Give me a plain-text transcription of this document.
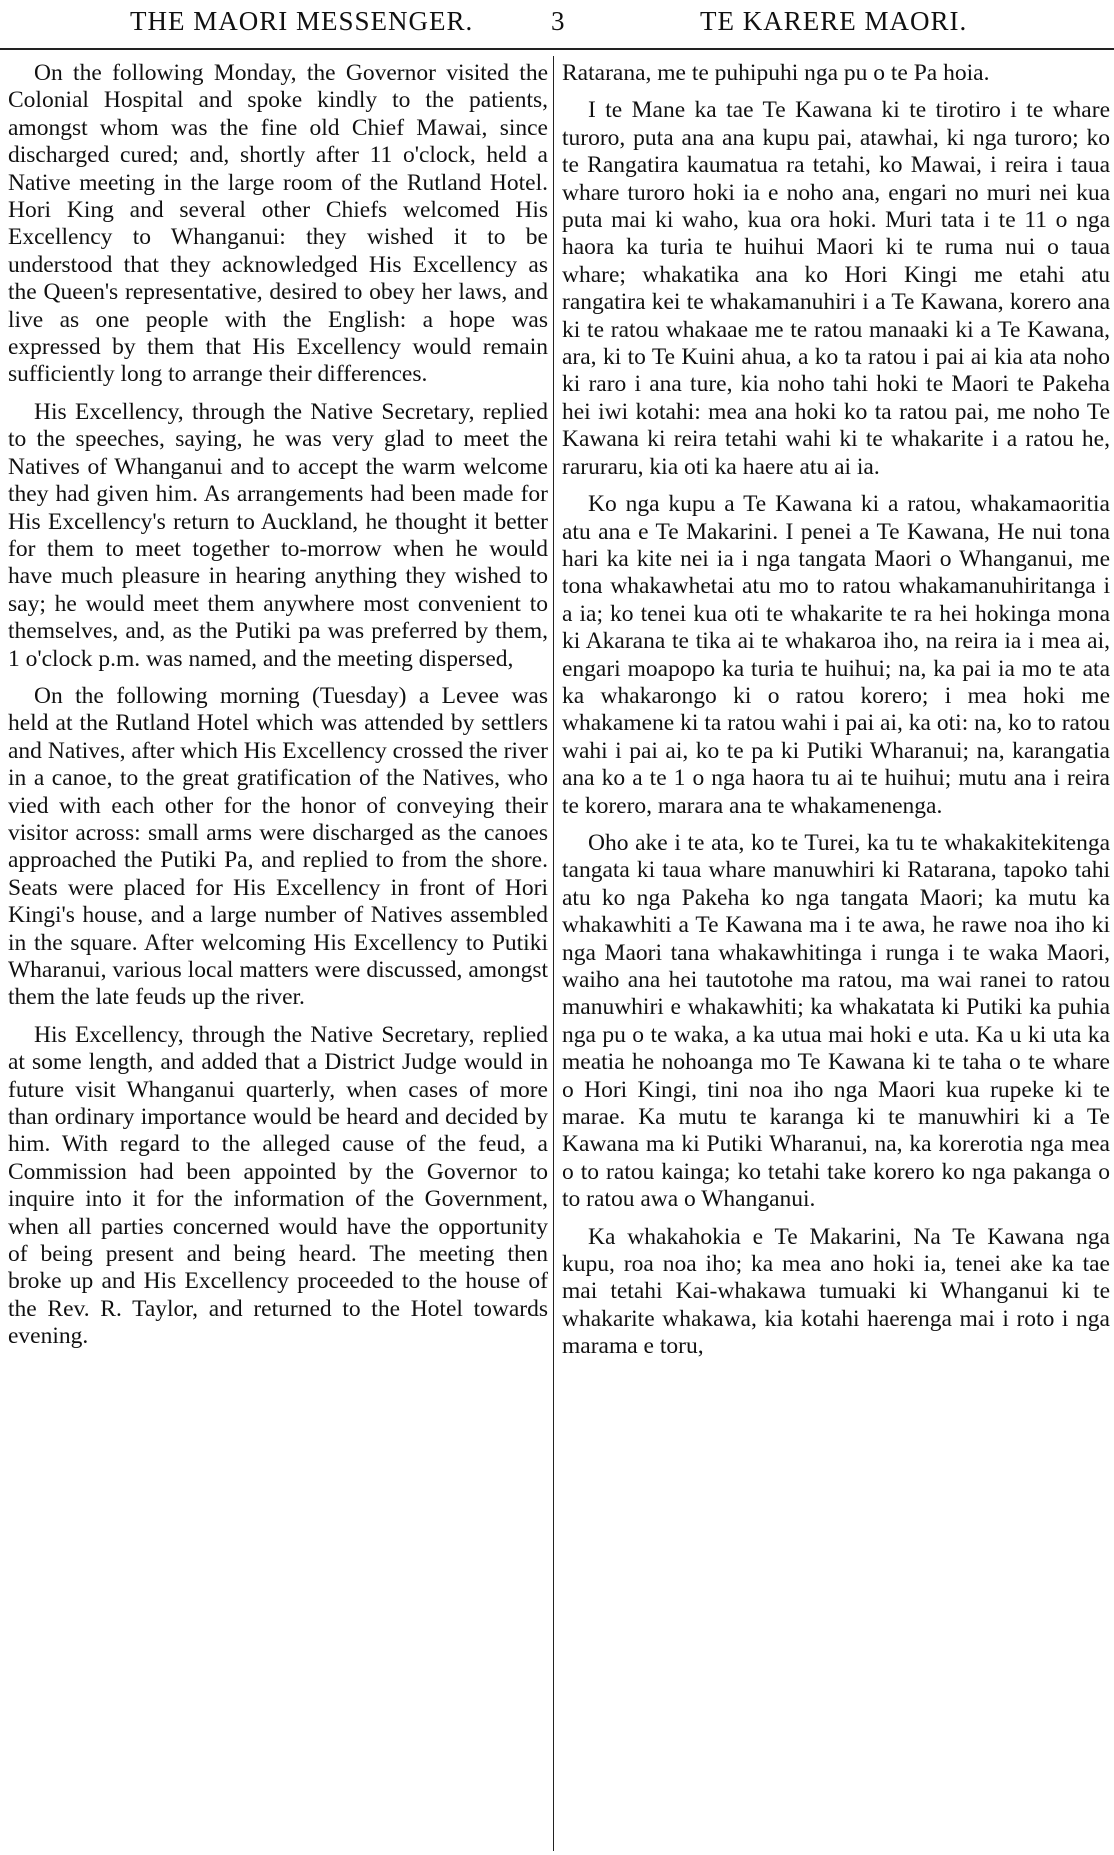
THE MAORI MESSENGER.	3	TE KARERE MAORI.

On the following Monday, the Governor visited the Colonial Hospital and spoke kindly to the patients, amongst whom was the fine old Chief Mawai, since discharged cured; and, shortly after 11 o'clock, held a Native meeting in the large room of the Rutland Hotel. Hori King and several other Chiefs welcomed His Excellency to Whanganui: they wished it to be understood that they acknowledged His Excellency as the Queen's representative, desired to obey her laws, and live as one people with the English: a hope was expressed by them that His Excellency would remain sufficiently long to arrange their differences.

His Excellency, through the Native Secretary, replied to the speeches, saying, he was very glad to meet the Natives of Whanganui and to accept the warm welcome they had given him. As arrangements had been made for His Excellency's return to Auckland, he thought it better for them to meet together to-morrow when he would have much pleasure in hearing anything they wished to say; he would meet them anywhere most convenient to themselves, and, as the Putiki pa was preferred by them, 1 o'clock p.m. was named, and the meeting dispersed,

On the following morning (Tuesday) a Levee was held at the Rutland Hotel which was attended by settlers and Natives, after which His Excellency crossed the river in a canoe, to the great gratification of the Natives, who vied with each other for the honor of conveying their visitor across: small arms were discharged as the canoes approached the Putiki Pa, and replied to from the shore. Seats were placed for His Excellency in front of Hori Kingi's house, and a large number of Natives assembled in the square. After welcoming His Excellency to Putiki Wharanui, various local matters were discussed, amongst them the late feuds up the river.

His Excellency, through the Native Secretary, replied at some length, and added that a District Judge would in future visit Whanganui quarterly, when cases of more than ordinary importance would be heard and decided by him. With regard to the alleged cause of the feud, a Commission had been appointed by the Governor to inquire into it for the information of the Government, when all parties concerned would have the opportunity of being present and being heard. The meeting then broke up and His Excellency proceeded to the house of the Rev. R. Taylor, and returned to the Hotel towards evening.

Ratarana, me te puhipuhi nga pu o te Pa hoia.

I te Mane ka tae Te Kawana ki te tirotiro i te whare turoro, puta ana ana kupu pai, atawhai, ki nga turoro; ko te Rangatira kaumatua ra tetahi, ko Mawai, i reira i taua whare turoro hoki ia e noho ana, engari no muri nei kua puta mai ki waho, kua ora hoki. Muri tata i te 11 o nga haora ka turia te huihui Maori ki te ruma nui o taua whare; whakatika ana ko Hori Kingi me etahi atu rangatira kei te whakamanuhiri i a Te Kawana, korero ana ki te ratou whakaae me te ratou manaaki ki a Te Kawana, ara, ki to Te Kuini ahua, a ko ta ratou i pai ai kia ata noho ki raro i ana ture, kia noho tahi hoki te Maori te Pakeha hei iwi kotahi: mea ana hoki ko ta ratou pai, me noho Te Kawana ki reira tetahi wahi ki te whakarite i a ratou he, raruraru, kia oti ka haere atu ai ia.

Ko nga kupu a Te Kawana ki a ratou, whakamaoritia atu ana e Te Makarini. I penei a Te Kawana, He nui tona hari ka kite nei ia i nga tangata Maori o Whanganui, me tona whakawhetai atu mo to ratou whakamanuhiritanga i a ia; ko tenei kua oti te whakarite te ra hei hokinga mona ki Akarana te tika ai te whakaroa iho, na reira ia i mea ai, engari moapopo ka turia te huihui; na, ka pai ia mo te ata ka whakarongo ki o ratou korero; i mea hoki me whakamene ki ta ratou wahi i pai ai, ka oti: na, ko to ratou wahi i pai ai, ko te pa ki Putiki Wharanui; na, karangatia ana ko a te 1 o nga haora tu ai te huihui; mutu ana i reira te korero, marara ana te whakamenenga.

Oho ake i te ata, ko te Turei, ka tu te whakakitekitenga tangata ki taua whare manuwhiri ki Ratarana, tapoko tahi atu ko nga Pakeha ko nga tangata Maori; ka mutu ka whakawhiti a Te Kawana ma i te awa, he rawe noa iho ki nga Maori tana whakawhitinga i runga i te waka Maori, waiho ana hei tautotohe ma ratou, ma wai ranei to ratou manuwhiri e whakawhiti; ka whakatata ki Putiki ka puhia nga pu o te waka, a ka utua mai hoki e uta. Ka u ki uta ka meatia he nohoanga mo Te Kawana ki te taha o te whare o Hori Kingi, tini noa iho nga Maori kua rupeke ki te marae. Ka mutu te karanga ki te manuwhiri ki a Te Kawana ma ki Putiki Wharanui, na, ka korerotia nga mea o to ratou kainga; ko tetahi take korero ko nga pakanga o to ratou awa o Whanganui.

Ka whakahokia e Te Makarini, Na Te Kawana nga kupu, roa noa iho; ka mea ano hoki ia, tenei ake ka tae mai tetahi Kai-whakawa tumuaki ki Whanganui ki te whakarite whakawa, kia kotahi haerenga mai i roto i nga marama e toru,
